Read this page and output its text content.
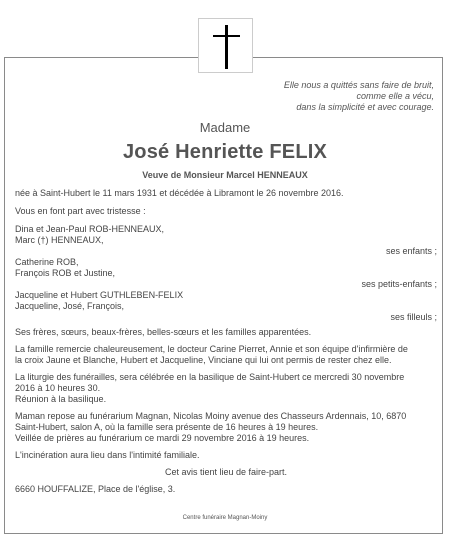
Elle nous a quittés sans faire de bruit,
comme elle a vécu,
dans la simplicité et avec courage.
Madame
José Henriette FELIX
Veuve de Monsieur Marcel HENNEAUX

née à Saint-Hubert le 11 mars 1931 et décédée à Libramont le 26 novembre 2016.

Vous en font part avec tristesse :

Dina et Jean-Paul ROB-HENNEAUX,

Marc (†) HENNEAUX,

ses enfants ;

Catherine ROB,

François ROB et Justine,

ses petits-enfants ;

Jacqueline et Hubert GUTHLEBEN-FELIX

Jacqueline, José, François,

ses filleuls ;

Ses frères, sœurs, beaux-frères, belles-sœurs et les familles apparentées.

La famille remercie chaleureusement, le docteur Carine Pierret, Annie et son équipe d'infirmière de

la croix Jaune et Blanche, Hubert et Jacqueline, Vinciane qui lui ont permis de rester chez elle.

La liturgie des funérailles, sera célébrée en la basilique de Saint-Hubert ce mercredi 30 novembre

2016 à 10 heures 30.

Réunion à la basilique.

Maman repose au funérarium Magnan, Nicolas Moiny avenue des Chasseurs Ardennais, 10, 6870

Saint-Hubert, salon A, où la famille sera présente de 16 heures à 19 heures.

Veillée de prières au funérarium ce mardi 29 novembre 2016 à 19 heures.

L'incinération aura lieu dans l'intimité familiale.

Cet avis tient lieu de faire-part.

6660 HOUFFALIZE, Place de l'église, 3.

Centre funéraire Magnan-Moiny
